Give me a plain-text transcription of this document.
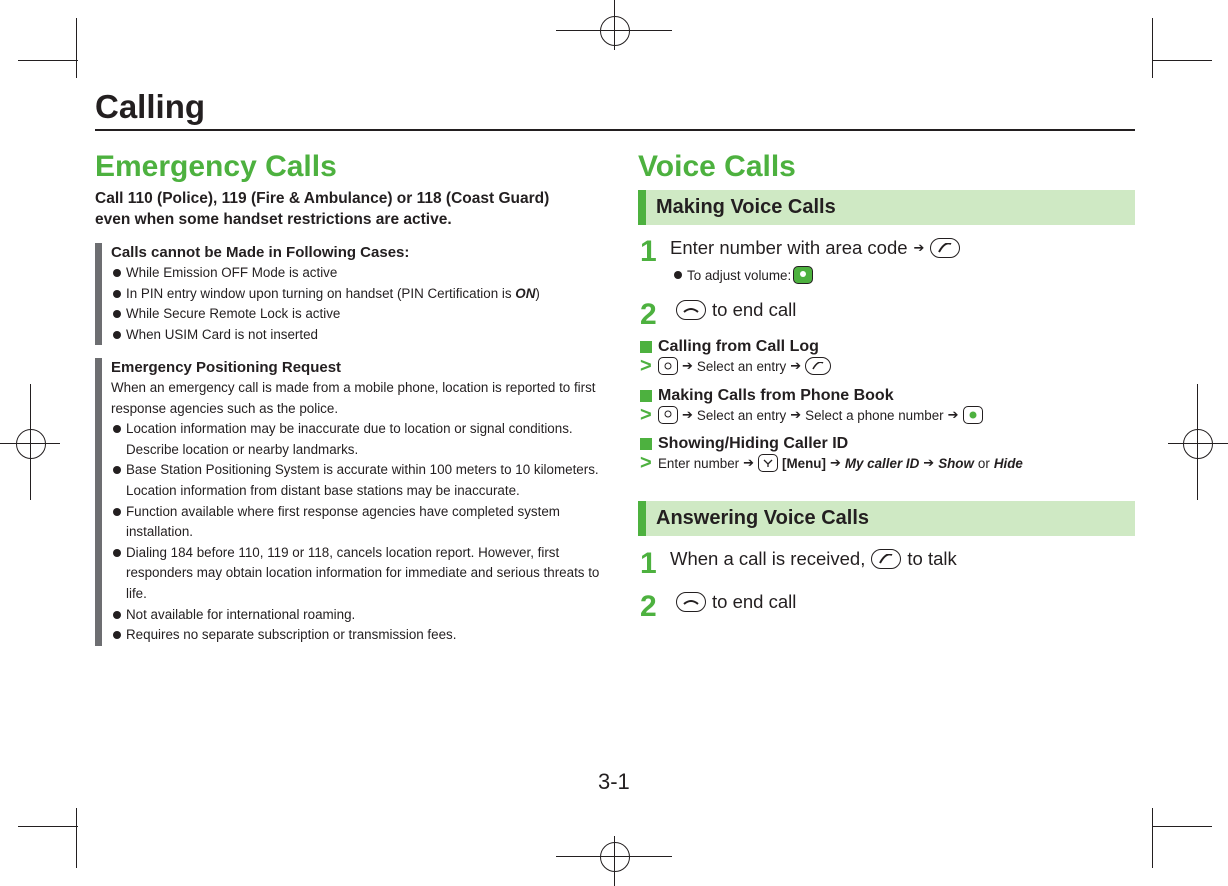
Calling
Emergency Calls
Call 110 (Police), 119 (Fire & Ambulance) or 118 (Coast Guard) even when some handset restrictions are active.
Calls cannot be Made in Following Cases:
While Emission OFF Mode is active
In PIN entry window upon turning on handset (PIN Certification is ON)
While Secure Remote Lock is active
When USIM Card is not inserted
Emergency Positioning Request

When an emergency call is made from a mobile phone, location is reported to first response agencies such as the police.

Location information may be inaccurate due to location or signal conditions. Describe location or nearby landmarks.
Base Station Positioning System is accurate within 100 meters to 10 kilometers. Location information from distant base stations may be inaccurate.
Function available where first response agencies have completed system installation.
Dialing 184 before 110, 119 or 118, cancels location report. However, first responders may obtain location information for immediate and serious threats to life.
Not available for international roaming.
Requires no separate subscription or transmission fees.
Voice Calls
Making Voice Calls
1 Enter number with area code ➔
To adjust volume:
2	to end call
Calling from Call Log
> ➔ Select an entry ➔
Making Calls from Phone Book
> ➔ Select an entry ➔ Select a phone number ➔
Showing/Hiding Caller ID
> Enter number ➔ [Menu] ➔ My caller ID ➔ Show or Hide
Answering Voice Calls
1 When a call is received, to talk
2	to end call
3-1
